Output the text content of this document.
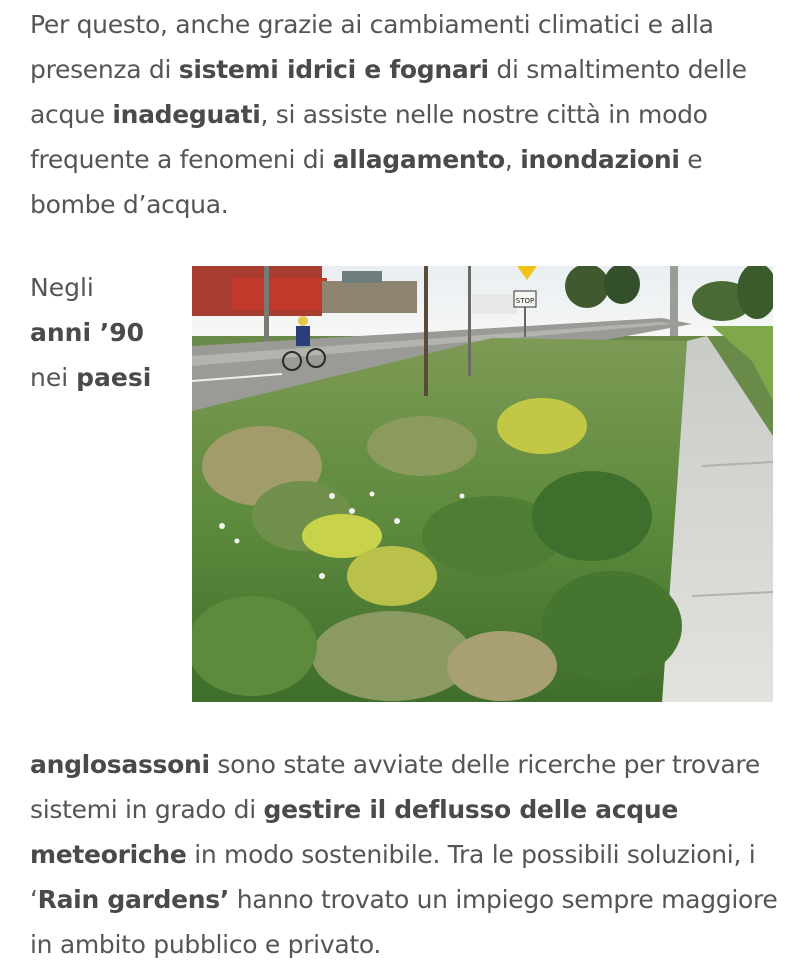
Per questo, anche grazie ai cambiamenti climatici e alla presenza di sistemi idrici e fognari di smaltimento delle acque inadeguati, si assiste nelle nostre città in modo frequente a fenomeni di allagamento, inondazioni e bombe d’acqua.

Negli
anni ’90
nei paesi

STOP

anglosassoni sono state avviate delle ricerche per trovare sistemi in grado di gestire il deflusso delle acque meteoriche in modo sostenibile. Tra le possibili soluzioni, i ‘Rain gardens’ hanno trovato un impiego sempre maggiore in ambito pubblico e privato.
